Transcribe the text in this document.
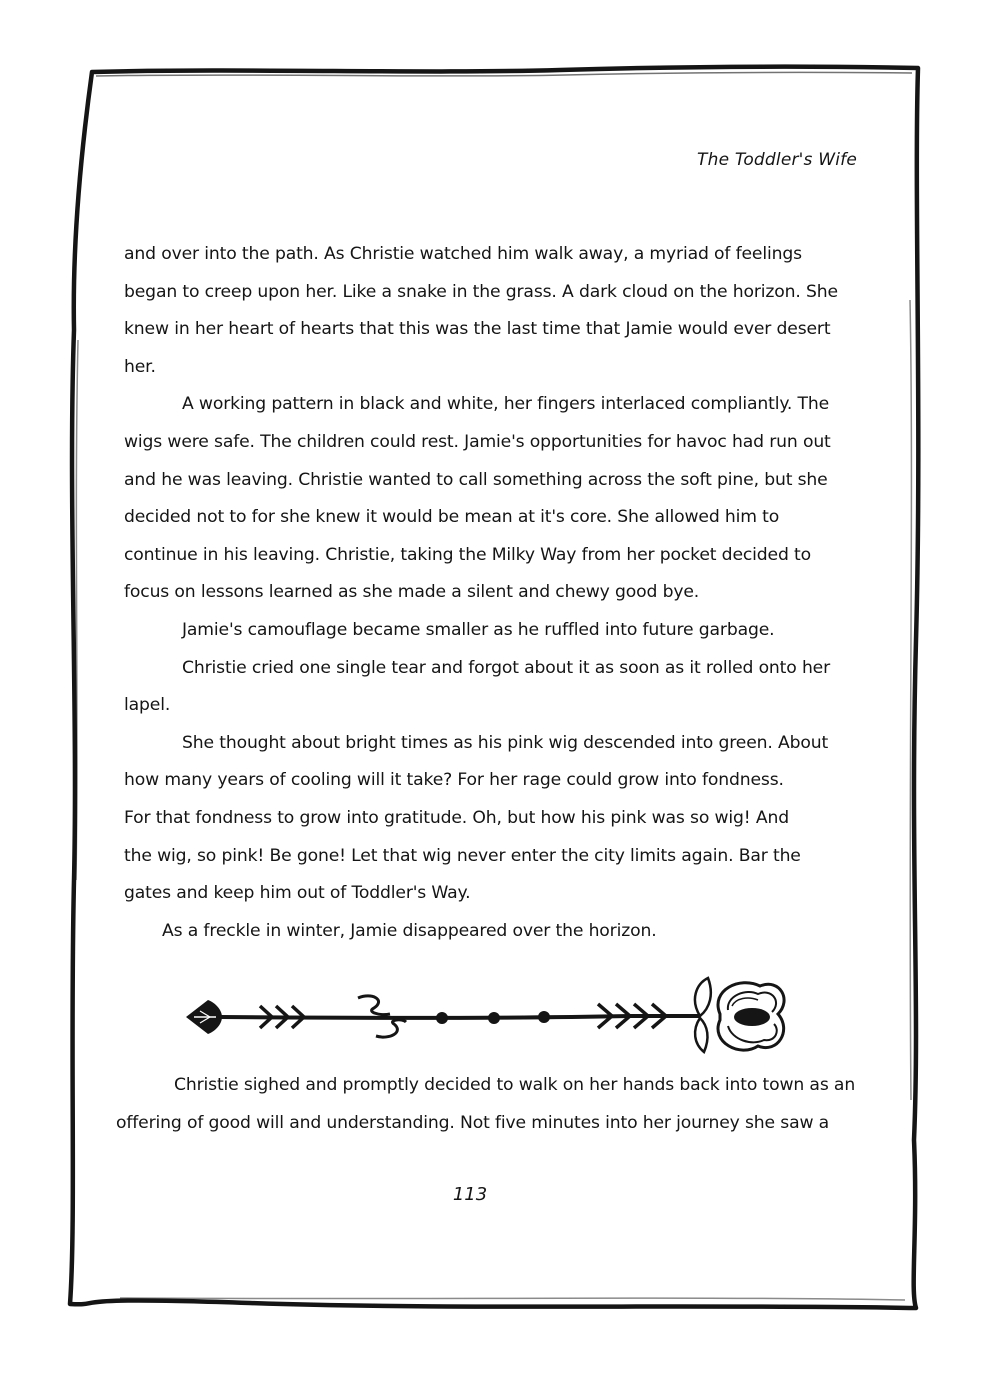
The Toddler's Wife
and over into the path. As Christie watched him walk away, a myriad of feelings
began to creep upon her. Like a snake in the grass. A dark cloud on the horizon. She
knew in her heart of hearts that this was the last time that Jamie would ever desert
her.
A working pattern in black and white, her fingers interlaced compliantly. The
wigs were safe. The children could rest. Jamie's opportunities for havoc had run out
and he was leaving. Christie wanted to call something across the soft pine, but she
decided not to for she knew it would be mean at it's core. She allowed him to
continue in his leaving. Christie, taking the Milky Way from her pocket decided to
focus on lessons learned as she made a silent and chewy good bye.
Jamie's camouflage became smaller as he ruffled into future garbage.
Christie cried one single tear and forgot about it as soon as it rolled onto her
lapel.
She thought about bright times as his pink wig descended into green. About
how many years of cooling will it take? For her rage could grow into fondness.
For that fondness to grow into gratitude. Oh, but how his pink was so wig! And
the wig, so pink! Be gone! Let that wig never enter the city limits again. Bar the
gates and keep him out of Toddler's Way.
As a freckle in winter, Jamie disappeared over the horizon.
Christie sighed and promptly decided to walk on her hands back into town as an
offering of good will and understanding. Not five minutes into her journey she saw a
113
